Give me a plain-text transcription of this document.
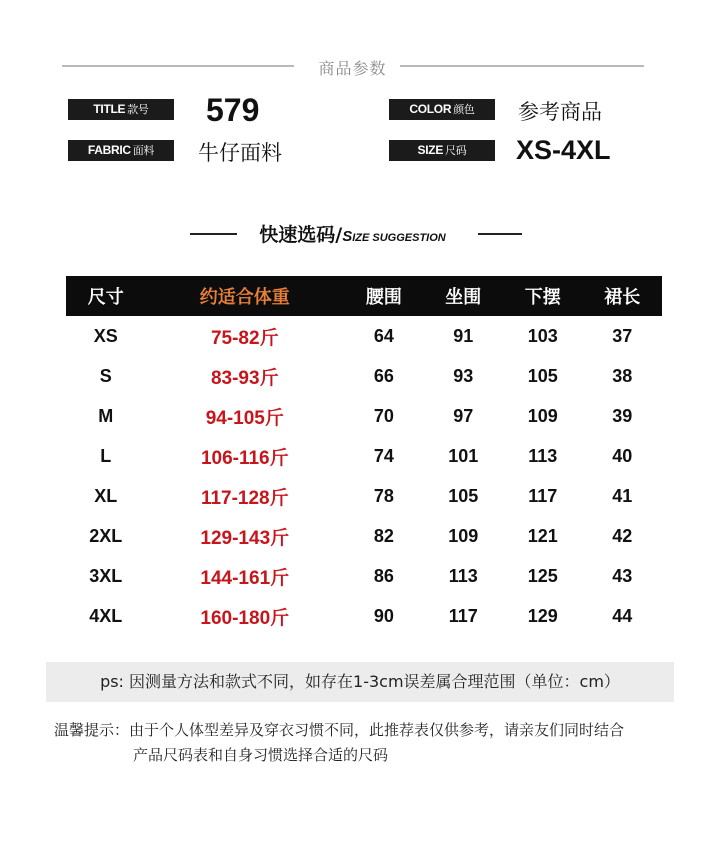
商品参数
TITLE 款号	579	COLOR 颜色	参考商品
FABRIC 面料	牛仔面料	SIZE 尺码	XS-4XL
快速选码/SIZE SUGGESTION
尺寸	约适合体重	腰围	坐围	下摆	裙长
XS	75-82斤	64	91	103	37
S	83-93斤	66	93	105	38
M	94-105斤	70	97	109	39
L	106-116斤	74	101	113	40
XL	117-128斤	78	105	117	41
2XL	129-143斤	82	109	121	42
3XL	144-161斤	86	113	125	43
4XL	160-180斤	90	117	129	44
ps: 因测量方法和款式不同，如存在1-3cm误差属合理范围（单位：cm）
温馨提示：由于个人体型差异及穿衣习惯不同，此推荐表仅供参考，请亲友们同时结合
产品尺码表和自身习惯选择合适的尺码
